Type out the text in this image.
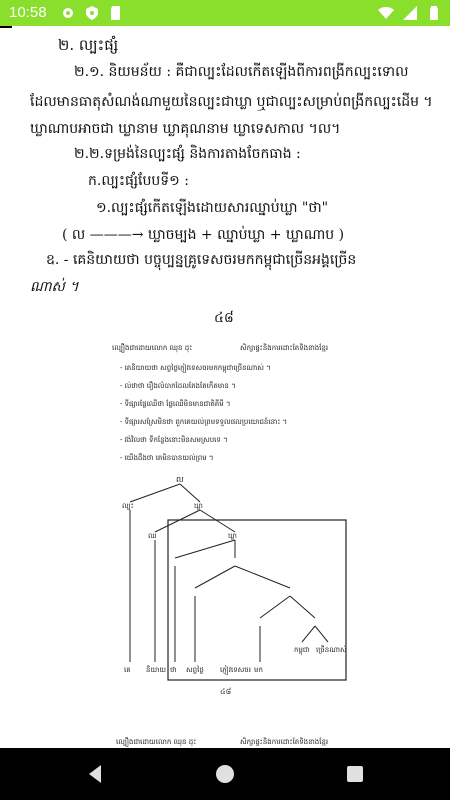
10:58
២. ល្បះផ្សំ
២.១. និយមន័យ : គឺជាល្បះដែលកើតឡើងពីការពង្រីកល្បះទោល
ដែលមានធាតុសំណង់ណាមួយនៃល្បះជាឃ្លា ឬជាល្បះសម្រាប់ពង្រីកល្បះដើម ។
ឃ្លាណាបអាចជា ឃ្លានាម ឃ្លាគុណនាម ឃ្លាទេសកាល ។ល។
២.២.ទម្រង់នៃល្បះផ្សំ និងការតាងចែកធាង :
ក.ល្បះផ្សំបែបទី១ :
១.ល្បះផ្សំកើតឡើងដោយសារឈ្នាប់ឃ្លា "ថា"
( ល ———→ ឃ្លាចម្បង + ឈ្នាប់ឃ្លា + ឃ្លាណាប )
ឧ. - គេនិយាយថា បច្ចុប្បន្នគ្រូទេសចរមកកម្ពុជាច្រើនអង្គច្រើន
ណាស់ ។
៤៨
ល្បឿងជាដោយលោក ឈុន ដុះ	សិក្សាផ្ទះនិងការដោះតែទិងខាងខ្មែរ
- គេនិយាយថា សព្វថ្ងៃភ្ញៀវទេសចរមកកម្ពុជាច្រើនណាស់ ។
- ល់ថាថា រឿងលំបាកដែលតែងតែកើតមាន ។
- ទីផ្សារផ្លែឈើថា ផ្លែឈើមិនមានជាតិគីមី ។
- ទីផ្សារសស្រែមិនថា ពួកគេយល់ព្រមទទួលផលប្រយោជន៍នោះ ។
- វង់វិលថា ទីកន្លែងនោះមិនសមស្របទេ ។
- យើងដឹងថា គេមិនបានយល់ព្រម ។
ល
ល្បះ	ឃ្លា
ឈ	ឃ្លា
គេ និយាយ ថា សព្វថ្ងៃ ភ្ញៀវទេសចរ មក
កម្ពុជា ច្រើនណាស់
៤៨
ល្បឿងជាដោយលោក ឈុន ដុះ	សិក្សាផ្ទះនិងការដោះតែទិងខាងខ្មែរ
